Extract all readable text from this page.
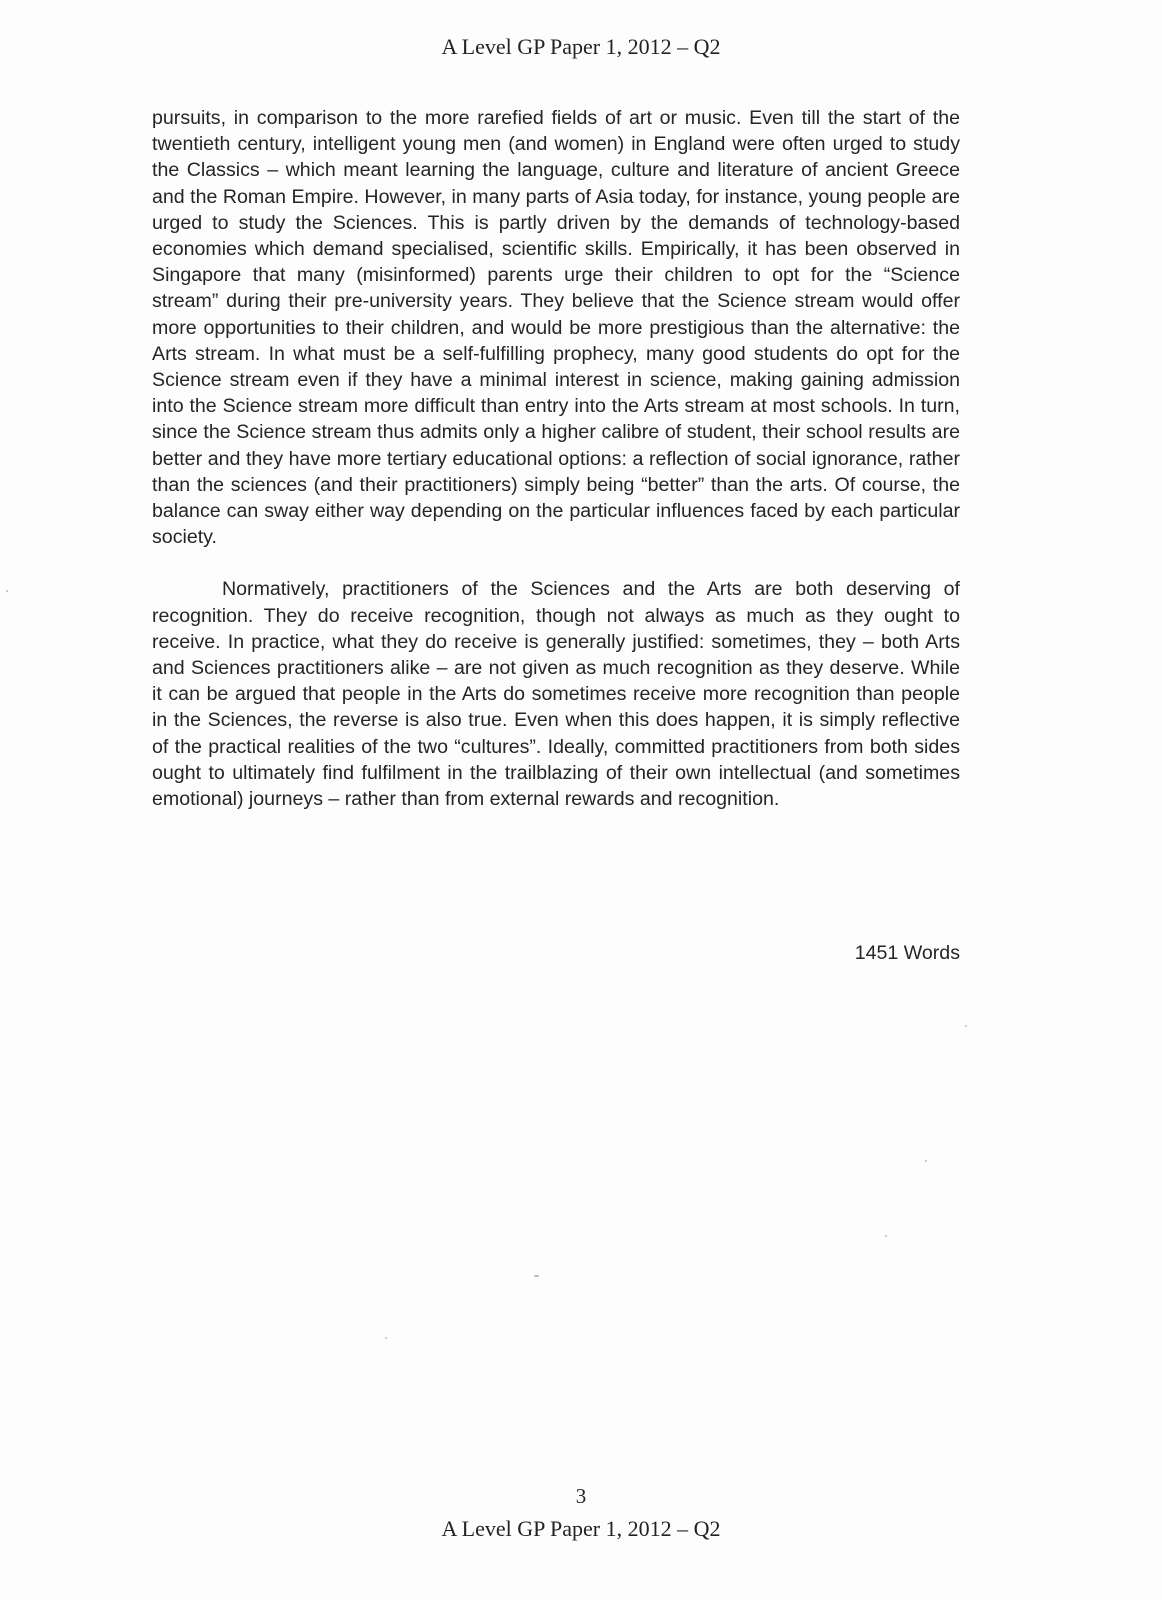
A Level GP Paper 1, 2012 – Q2

pursuits, in comparison to the more rarefied fields of art or music. Even till the start of the twentieth century, intelligent young men (and women) in England were often urged to study the Classics – which meant learning the language, culture and literature of ancient Greece and the Roman Empire. However, in many parts of Asia today, for instance, young people are urged to study the Sciences. This is partly driven by the demands of technology-based economies which demand specialised, scientific skills. Empirically, it has been observed in Singapore that many (misinformed) parents urge their children to opt for the “Science stream” during their pre-university years. They believe that the Science stream would offer more opportunities to their children, and would be more prestigious than the alternative: the Arts stream. In what must be a self-fulfilling prophecy, many good students do opt for the Science stream even if they have a minimal interest in science, making gaining admission into the Science stream more difficult than entry into the Arts stream at most schools. In turn, since the Science stream thus admits only a higher calibre of student, their school results are better and they have more tertiary educational options: a reflection of social ignorance, rather than the sciences (and their practitioners) simply being “better” than the arts. Of course, the balance can sway either way depending on the particular influences faced by each particular society.

Normatively, practitioners of the Sciences and the Arts are both deserving of recognition. They do receive recognition, though not always as much as they ought to receive. In practice, what they do receive is generally justified: sometimes, they – both Arts and Sciences practitioners alike – are not given as much recognition as they deserve. While it can be argued that people in the Arts do sometimes receive more recognition than people in the Sciences, the reverse is also true. Even when this does happen, it is simply reflective of the practical realities of the two “cultures”. Ideally, committed practitioners from both sides ought to ultimately find fulfilment in the trailblazing of their own intellectual (and sometimes emotional) journeys – rather than from external rewards and recognition.

1451 Words
3
A Level GP Paper 1, 2012 – Q2
